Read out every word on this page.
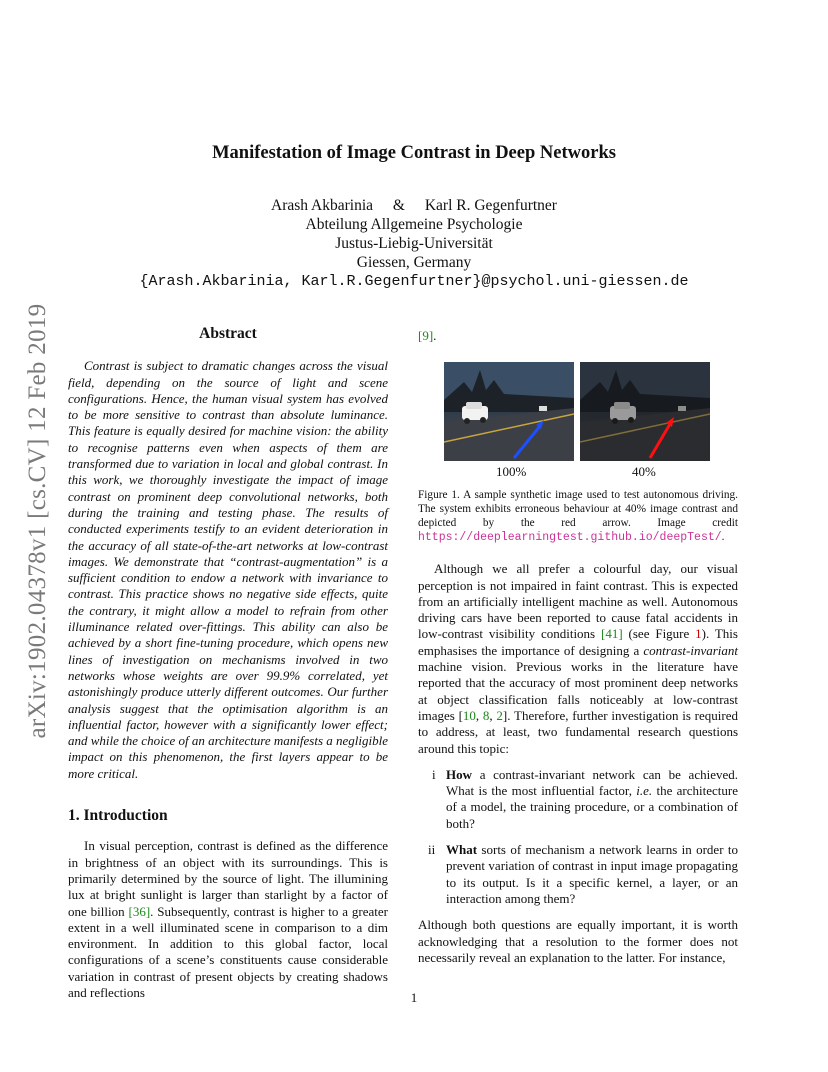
arXiv:1902.04378v1 [cs.CV] 12 Feb 2019
Manifestation of Image Contrast in Deep Networks
Arash Akbarinia & Karl R. Gegenfurtner
Abteilung Allgemeine Psychologie
Justus-Liebig-Universität
Giessen, Germany
{Arash.Akbarinia, Karl.R.Gegenfurtner}@psychol.uni-giessen.de
Abstract

Contrast is subject to dramatic changes across the visual field, depending on the source of light and scene configurations. Hence, the human visual system has evolved to be more sensitive to contrast than absolute luminance. This feature is equally desired for machine vision: the ability to recognise patterns even when aspects of them are transformed due to variation in local and global contrast. In this work, we thoroughly investigate the impact of image contrast on prominent deep convolutional networks, both during the training and testing phase. The results of conducted experiments testify to an evident deterioration in the accuracy of all state-of-the-art networks at low-contrast images. We demonstrate that “contrast-augmentation” is a sufficient condition to endow a network with invariance to contrast. This practice shows no negative side effects, quite the contrary, it might allow a model to refrain from other illuminance related over-fittings. This ability can also be achieved by a short fine-tuning procedure, which opens new lines of investigation on mechanisms involved in two networks whose weights are over 99.9% correlated, yet astonishingly produce utterly different outcomes. Our further analysis suggest that the optimisation algorithm is an influential factor, however with a significantly lower effect; and while the choice of an architecture manifests a negligible impact on this phenomenon, the first layers appear to be more critical.

1. Introduction

In visual perception, contrast is defined as the difference in brightness of an object with its surroundings. This is primarily determined by the source of light. The illumining lux at bright sunlight is larger than starlight by a factor of one billion [36]. Subsequently, contrast is higher to a greater extent in a well illuminated scene in comparison to a dim environment. In addition to this global factor, local configurations of a scene’s constituents cause considerable variation in contrast of present objects by creating shadows and reflections

[9].

100%	40%

Figure 1. A sample synthetic image used to test autonomous driving. The system exhibits erroneous behaviour at 40% image contrast and depicted by the red arrow. Image credit https://deeplearningtest.github.io/deepTest/.

Although we all prefer a colourful day, our visual perception is not impaired in faint contrast. This is expected from an artificially intelligent machine as well. Autonomous driving cars have been reported to cause fatal accidents in low-contrast visibility conditions [41] (see Figure 1). This emphasises the importance of designing a contrast-invariant machine vision. Previous works in the literature have reported that the accuracy of most prominent deep networks at object classification falls noticeably at low-contrast images [10, 8, 2]. Therefore, further investigation is required to address, at least, two fundamental research questions around this topic:

i How a contrast-invariant network can be achieved. What is the most influential factor, i.e. the architecture of a model, the training procedure, or a combination of both?

ii What sorts of mechanism a network learns in order to prevent variation of contrast in input image propagating to its output. Is it a specific kernel, a layer, or an interaction among them?

Although both questions are equally important, it is worth acknowledging that a resolution to the former does not necessarily reveal an explanation to the latter. For instance,

1
